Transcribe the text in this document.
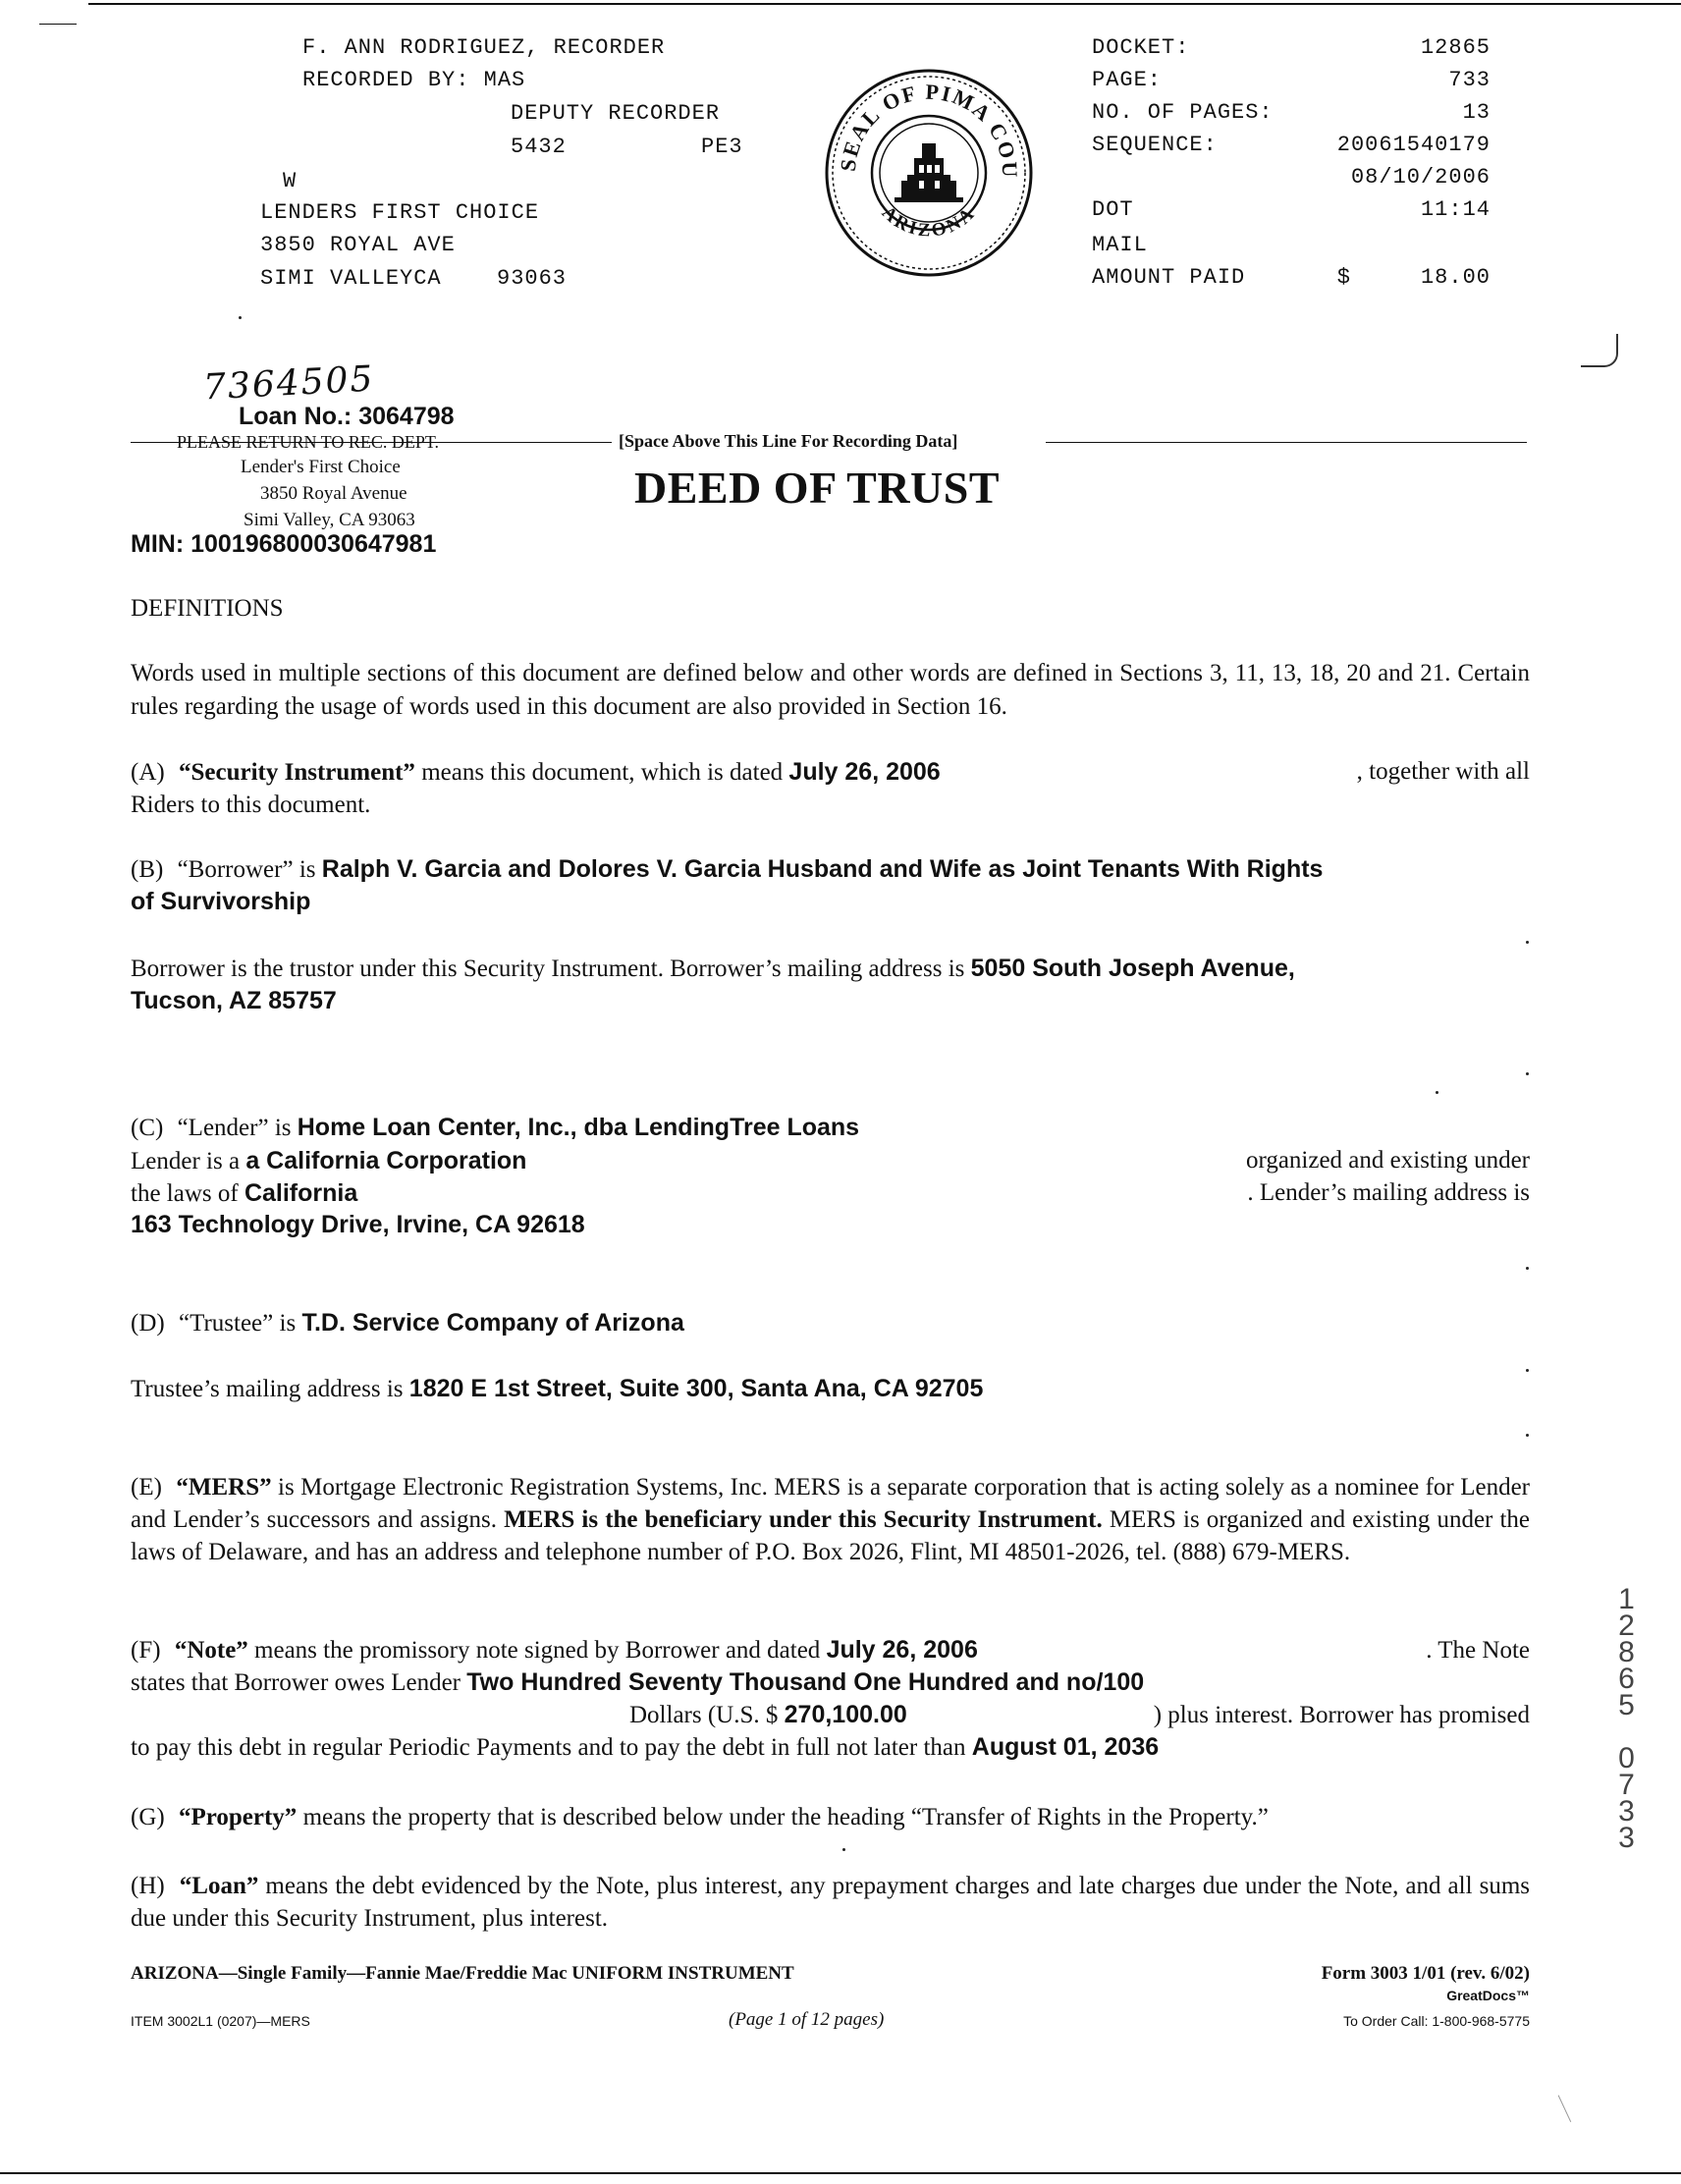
F. ANN RODRIGUEZ, RECORDER
RECORDED BY: MAS
DEPUTY RECORDER
5432	PE3
W
LENDERS FIRST CHOICE
3850 ROYAL AVE
SIMI VALLEYCA	93063
SEAL OF PIMA COU
ARIZONA
DOCKET:	12865
PAGE:	733
NO. OF PAGES:	13
SEQUENCE:	20061540179
08/10/2006
DOT	11:14
MAIL
AMOUNT PAID	$     18.00
7364505
Loan No.: 3064798
PLEASE RETURN TO REC. DEPT.	[Space Above This Line For Recording Data]
Lender's First Choice
3850 Royal Avenue
Simi Valley, CA 93063
DEED OF TRUST
MIN: 100196800030647981
DEFINITIONS
Words used in multiple sections of this document are defined below and other words are defined in Sections 3, 11, 13, 18, 20 and 21. Certain rules regarding the usage of words used in this document are also provided in Section 16.
(A) “Security Instrument” means this document, which is dated July 26, 2006	, together with all
Riders to this document.
(B) “Borrower” is Ralph V. Garcia and Dolores V. Garcia Husband and Wife as Joint Tenants With Rights
of Survivorship
Borrower is the trustor under this Security Instrument. Borrower’s mailing address is 5050 South Joseph Avenue,
Tucson, AZ 85757
(C) “Lender” is Home Loan Center, Inc., dba LendingTree Loans
Lender is a a California Corporation	organized and existing under
the laws of California	. Lender’s mailing address is
163 Technology Drive, Irvine, CA 92618
(D) “Trustee” is T.D. Service Company of Arizona
Trustee’s mailing address is 1820 E 1st Street, Suite 300, Santa Ana, CA 92705
(E) “MERS” is Mortgage Electronic Registration Systems, Inc. MERS is a separate corporation that is acting solely as a nominee for Lender and Lender’s successors and assigns. MERS is the beneficiary under this Security Instrument. MERS is organized and existing under the laws of Delaware, and has an address and telephone number of P.O. Box 2026, Flint, MI 48501-2026, tel. (888) 679-MERS.
(F) “Note” means the promissory note signed by Borrower and dated July 26, 2006	. The Note
states that Borrower owes Lender Two Hundred Seventy Thousand One Hundred and no/100
Dollars (U.S. $ 270,100.00	) plus interest. Borrower has promised
to pay this debt in regular Periodic Payments and to pay the debt in full not later than August 01, 2036
(G) “Property” means the property that is described below under the heading “Transfer of Rights in the Property.”
(H) “Loan” means the debt evidenced by the Note, plus interest, any prepayment charges and late charges due under the Note, and all sums due under this Security Instrument, plus interest.
ARIZONA—Single Family—Fannie Mae/Freddie Mac UNIFORM INSTRUMENT	Form 3003 1/01 (rev. 6/02)
GreatDocs™
ITEM 3002L1 (0207)—MERS	(Page 1 of 12 pages)	To Order Call: 1-800-968-5775
12865 0733
